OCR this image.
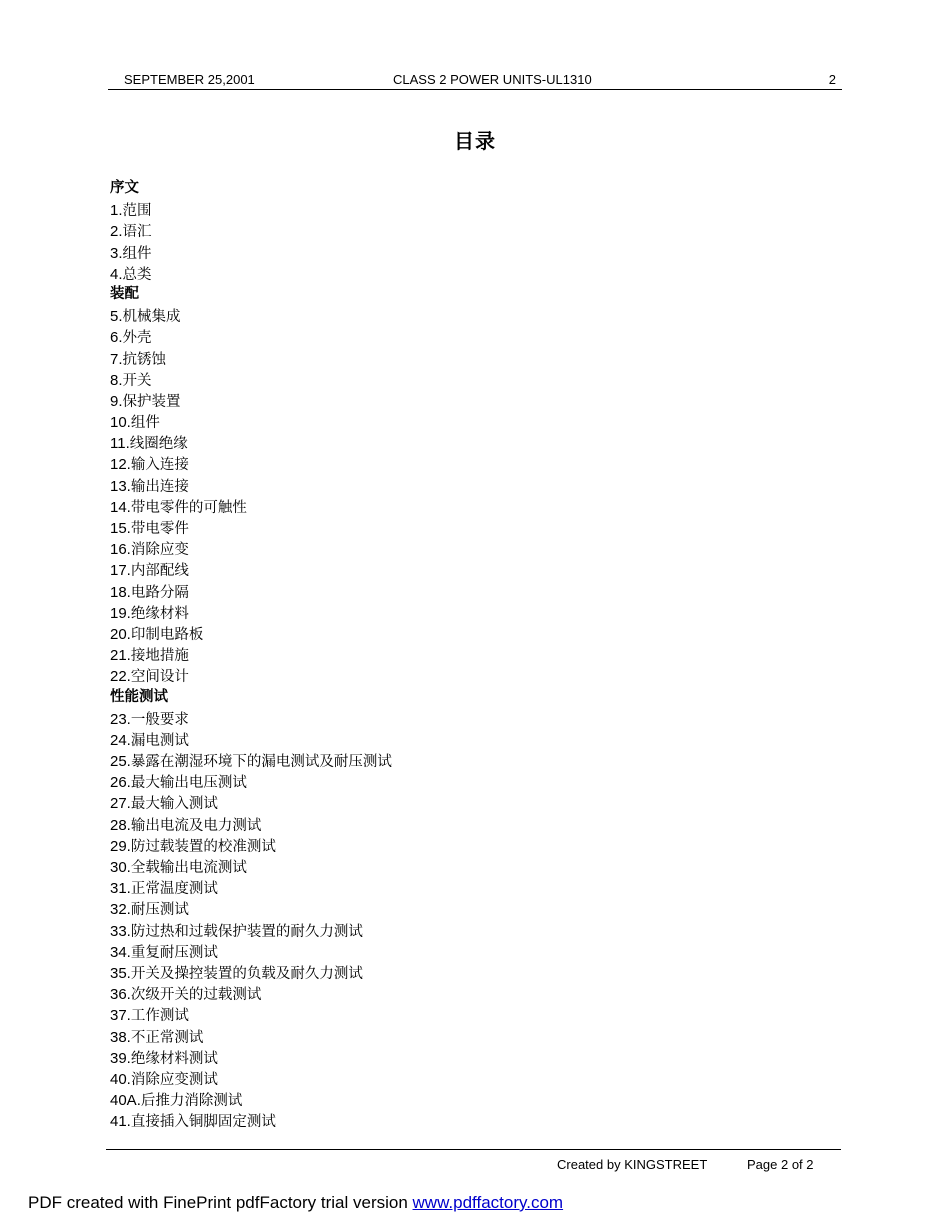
SEPTEMBER 25,2001	CLASS 2 POWER UNITS-UL1310	2
目录
序文
1.范围
2.语汇
3.组件
4.总类
装配
5.机械集成
6.外壳
7.抗锈蚀
8.开关
9.保护装置
10.组件
11.线圈绝缘
12.输入连接
13.输出连接
14.带电零件的可触性
15.带电零件
16.消除应变
17.内部配线
18.电路分隔
19.绝缘材料
20.印制电路板
21.接地措施
22.空间设计
性能测试
23.一般要求
24.漏电测试
25.暴露在潮湿环境下的漏电测试及耐压测试
26.最大输出电压测试
27.最大输入测试
28.输出电流及电力测试
29.防过载装置的校准测试
30.全载输出电流测试
31.正常温度测试
32.耐压测试
33.防过热和过载保护装置的耐久力测试
34.重复耐压测试
35.开关及操控装置的负载及耐久力测试
36.次级开关的过载测试
37.工作测试
38.不正常测试
39.绝缘材料测试
40.消除应变测试
40A.后推力消除测试
41.直接插入铜脚固定测试
Created by KINGSTREET	Page 2 of 2
PDF created with FinePrint pdfFactory trial version www.pdffactory.com
